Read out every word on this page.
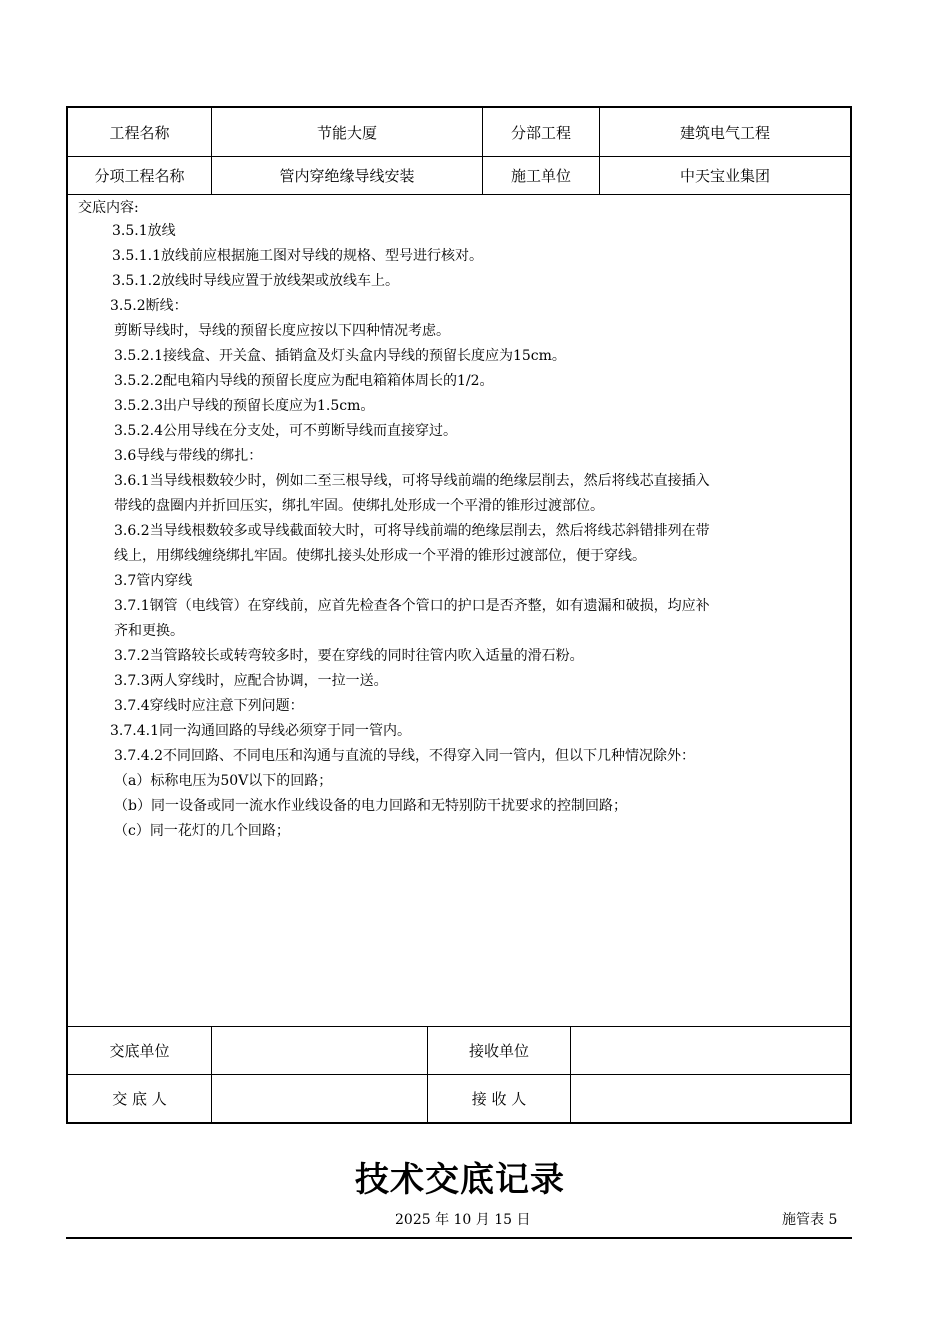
工程名称	节能大厦	分部工程	建筑电气工程
分项工程名称	管内穿绝缘导线安装	施工单位	中天宝业集团
交底内容:
3.5.1放线
3.5.1.1放线前应根据施工图对导线的规格、型号进行核对。
3.5.1.2放线时导线应置于放线架或放线车上。
3.5.2断线：
剪断导线时，导线的预留长度应按以下四种情况考虑。
3.5.2.1接线盒、开关盒、插销盒及灯头盒内导线的预留长度应为15cm。
3.5.2.2配电箱内导线的预留长度应为配电箱箱体周长的1/2。
3.5.2.3出户导线的预留长度应为1.5cm。
3.5.2.4公用导线在分支处，可不剪断导线而直接穿过。
3.6导线与带线的绑扎：
3.6.1当导线根数较少时，例如二至三根导线，可将导线前端的绝缘层削去，然后将线芯直接插入
带线的盘圈内并折回压实，绑扎牢固。使绑扎处形成一个平滑的锥形过渡部位。
3.6.2当导线根数较多或导线截面较大时，可将导线前端的绝缘层削去，然后将线芯斜错排列在带
线上，用绑线缠绕绑扎牢固。使绑扎接头处形成一个平滑的锥形过渡部位，便于穿线。
3.7管内穿线
3.7.1钢管（电线管）在穿线前，应首先检查各个管口的护口是否齐整，如有遗漏和破损，均应补
齐和更换。
3.7.2当管路较长或转弯较多时，要在穿线的同时往管内吹入适量的滑石粉。
3.7.3两人穿线时，应配合协调，一拉一送。
3.7.4穿线时应注意下列问题：
3.7.4.1同一沟通回路的导线必须穿于同一管内。
3.7.4.2不同回路、不同电压和沟通与直流的导线，不得穿入同一管内，但以下几种情况除外：
（a）标称电压为50V以下的回路；
（b）同一设备或同一流水作业线设备的电力回路和无特别防干扰要求的控制回路；
（c）同一花灯的几个回路；
交底单位	接收单位
交 底 人	接 收 人
技术交底记录
2025 年 10 月 15 日	施管表 5
